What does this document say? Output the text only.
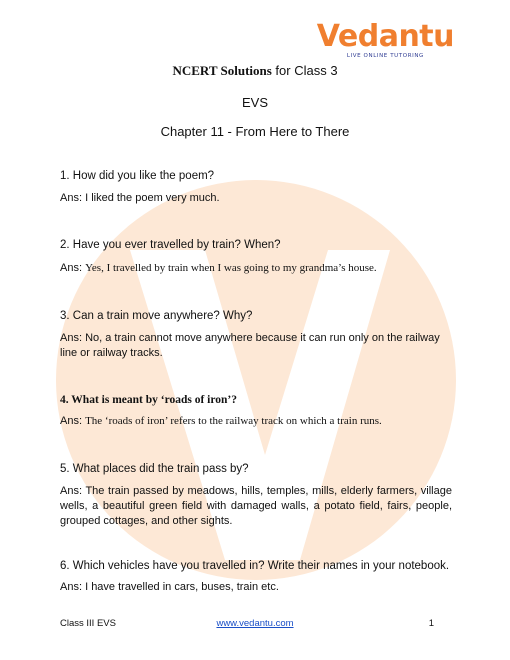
Vedantu
LIVE ONLINE TUTORING
NCERT Solutions for Class 3
EVS
Chapter 11 - From Here to There
1. How did you like the poem?
Ans: I liked the poem very much.
2. Have you ever travelled by train? When?
Ans: Yes, I travelled by train when I was going to my grandma’s house.
3. Can a train move anywhere? Why?
Ans: No, a train cannot move anywhere because it can run only on the railway line or railway tracks.
4. What is meant by ‘roads of iron’?
Ans: The ‘roads of iron’ refers to the railway track on which a train runs.
5. What places did the train pass by?
Ans: The train passed by meadows, hills, temples, mills, elderly farmers, village wells, a beautiful green field with damaged walls, a potato field, fairs, people, grouped cottages, and other sights.
6. Which vehicles have you travelled in? Write their names in your notebook.
Ans: I have travelled in cars, buses, train etc.
Class III EVS	www.vedantu.com	1
